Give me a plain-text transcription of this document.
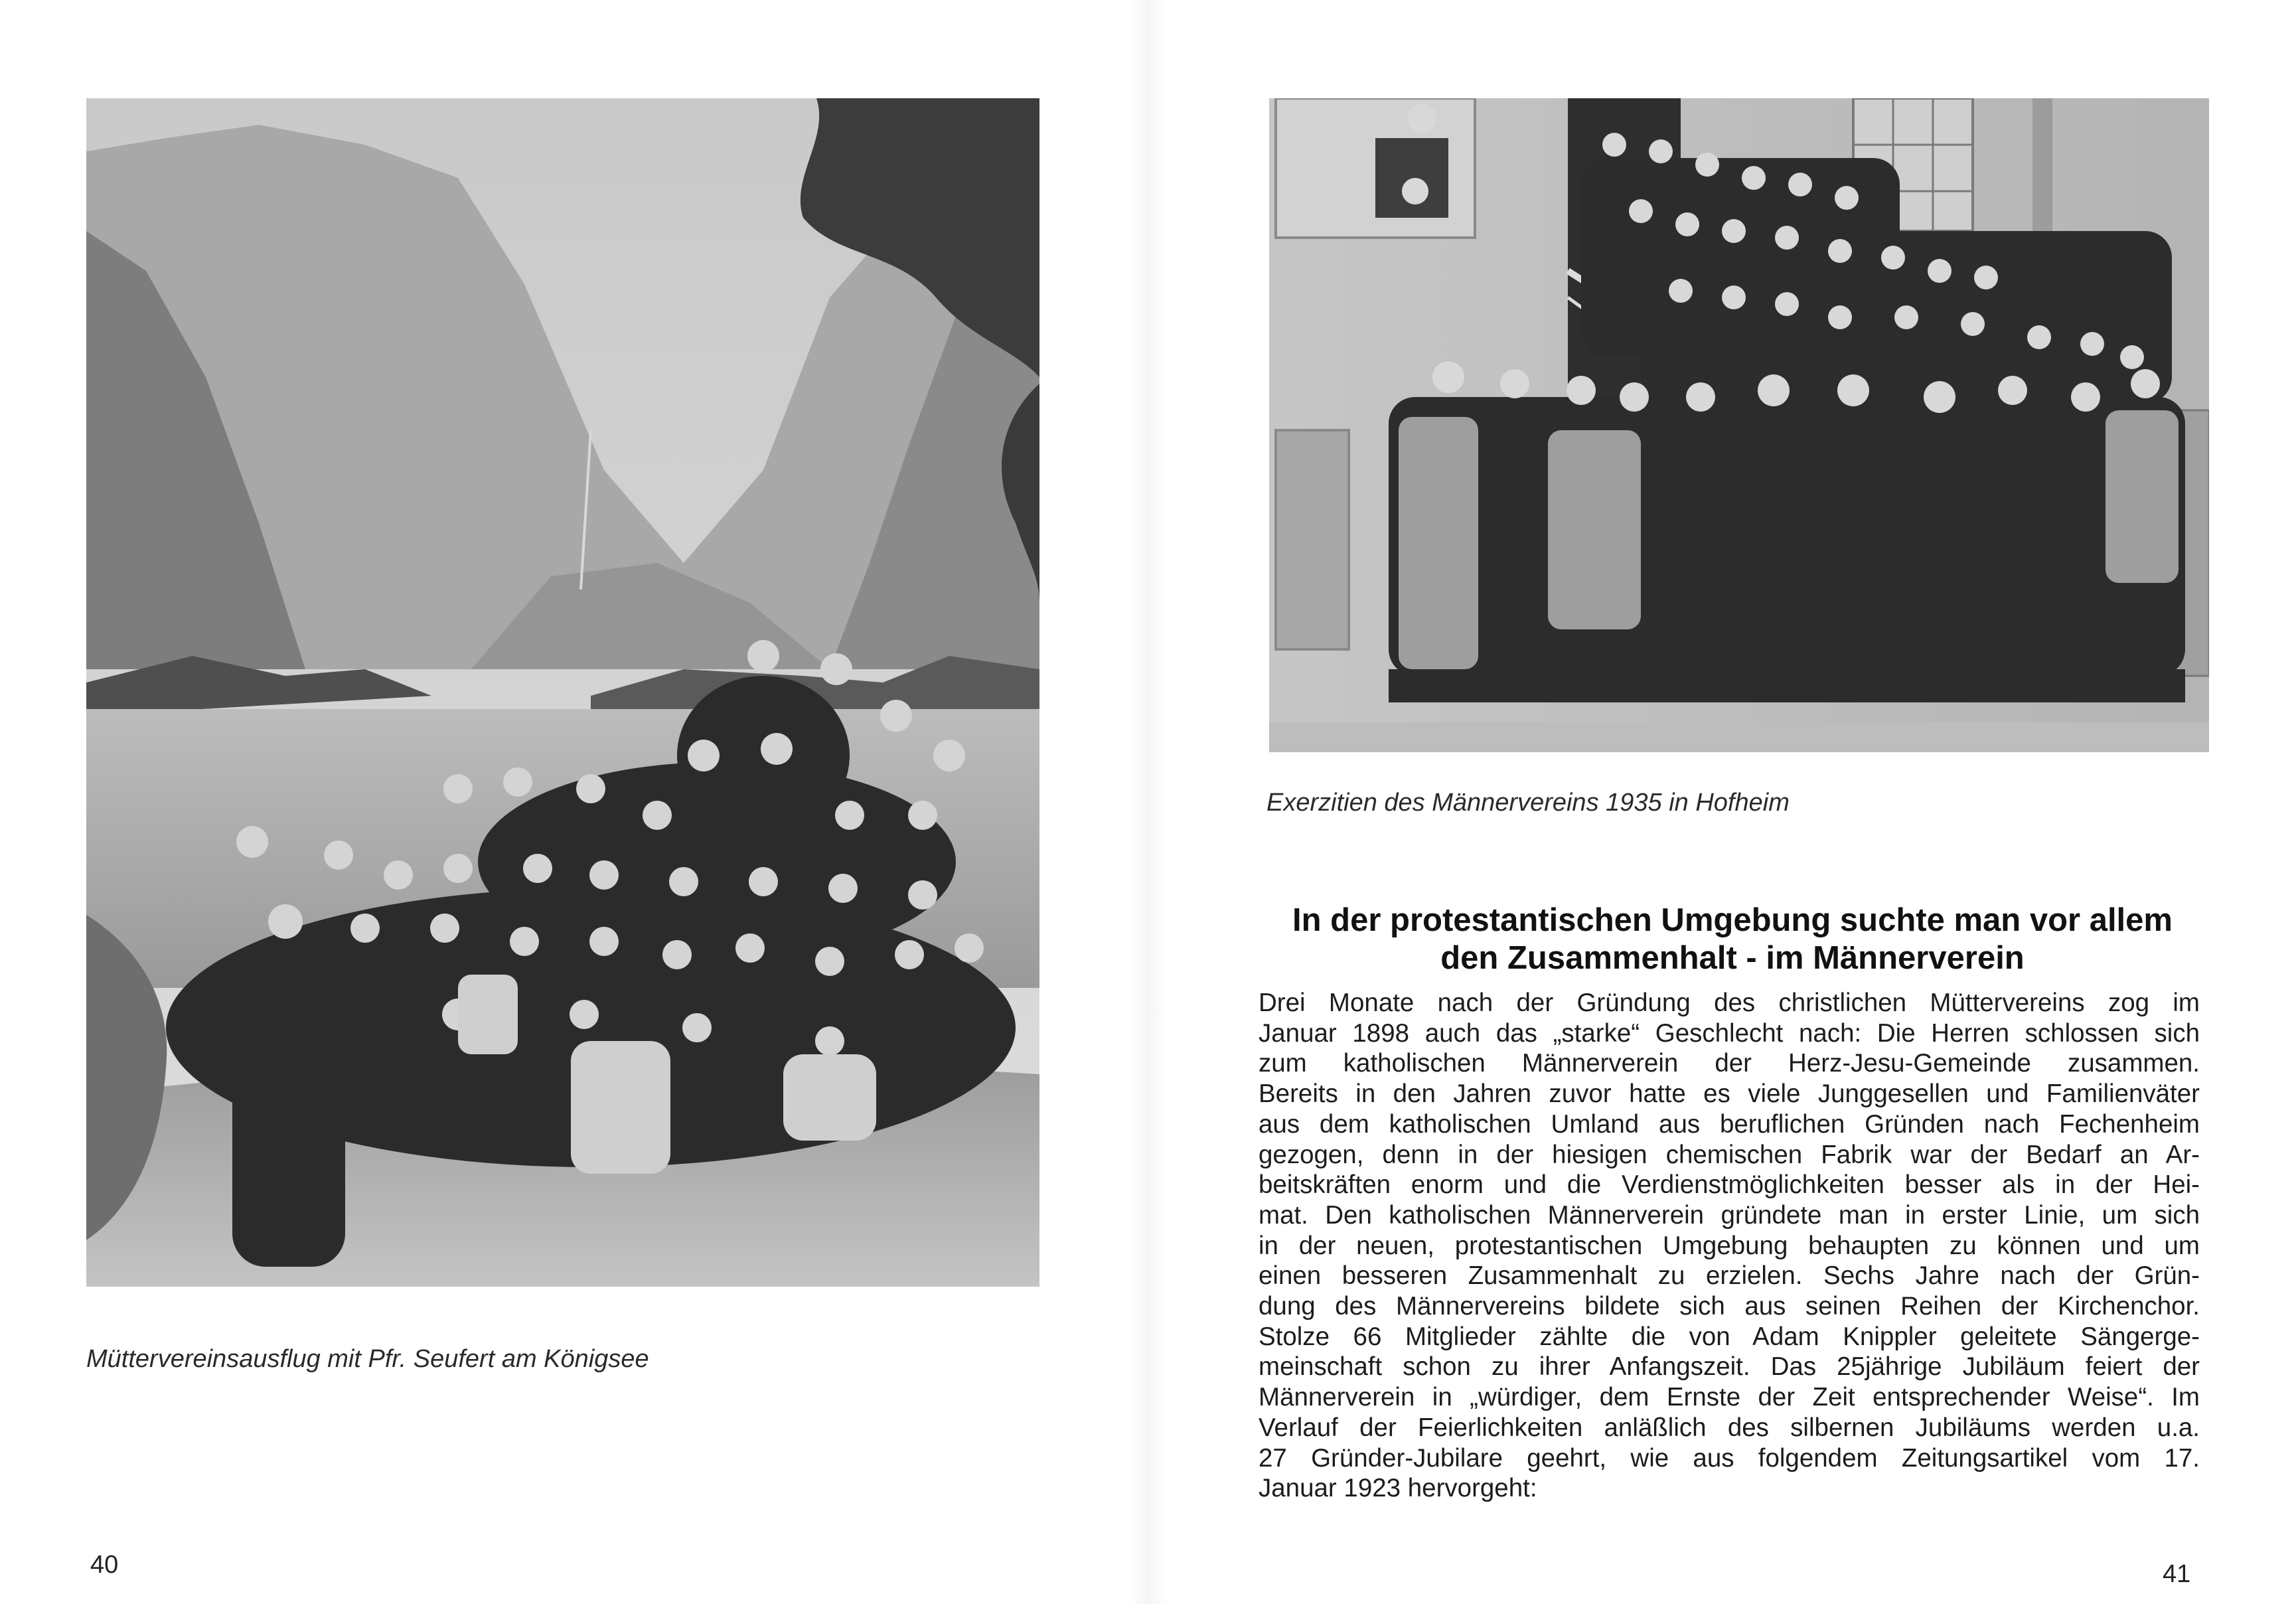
Müttervereinsausflug mit Pfr. Seufert am Königsee
40
Exerzitien des Männervereins 1935 in Hofheim
In der protestantischen Umgebung suchte man vor allem
den Zusammenhalt - im Männerverein
Drei Monate nach der Gründung des christlichen Müttervereins zog im
Januar 1898 auch das „starke“ Geschlecht nach: Die Herren schlossen sich
zum katholischen Männerverein der Herz-Jesu-Gemeinde zusammen.
Bereits in den Jahren zuvor hatte es viele Junggesellen und Familienväter
aus dem katholischen Umland aus beruflichen Gründen nach Fechenheim
gezogen, denn in der hiesigen chemischen Fabrik war der Bedarf an Ar-
beitskräften enorm und die Verdienstmöglichkeiten besser als in der Hei-
mat. Den katholischen Männerverein gründete man in erster Linie, um sich
in der neuen, protestantischen Umgebung behaupten zu können und um
einen besseren Zusammenhalt zu erzielen. Sechs Jahre nach der Grün-
dung des Männervereins bildete sich aus seinen Reihen der Kirchenchor.
Stolze 66 Mitglieder zählte die von Adam Knippler geleitete Sängerge-
meinschaft schon zu ihrer Anfangszeit. Das 25jährige Jubiläum feiert der
Männerverein in „würdiger, dem Ernste der Zeit entsprechender Weise“. Im
Verlauf der Feierlichkeiten anläßlich des silbernen Jubiläums werden u.a.
27 Gründer-Jubilare geehrt, wie aus folgendem Zeitungsartikel vom 17.
Januar 1923 hervorgeht:
41
